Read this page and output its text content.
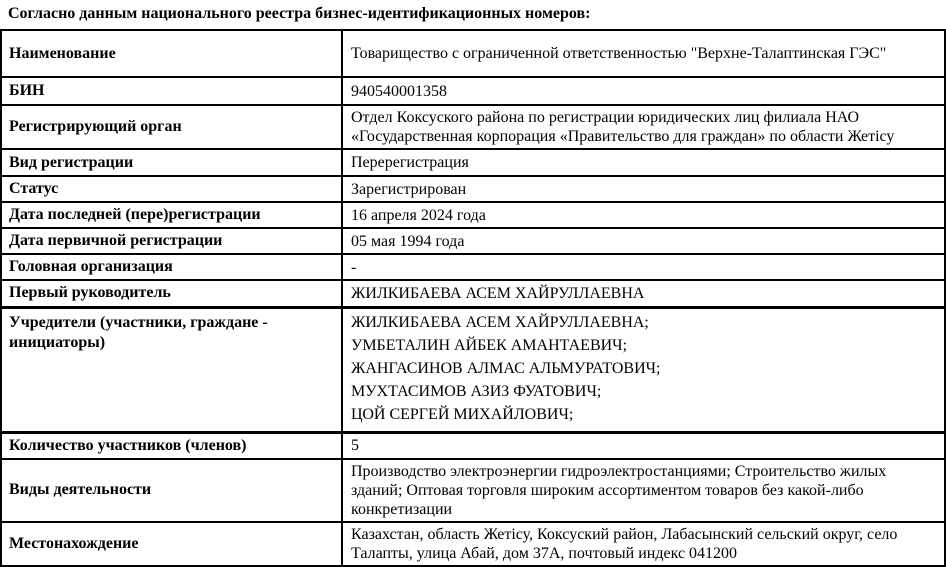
Согласно данным национального реестра бизнес-идентификационных номеров:
Наименование	Товарищество с ограниченной ответственностью "Верхне-Талаптинская ГЭС"
БИН	940540001358
Регистрирующий орган	Отдел Коксуского района по регистрации юридических лиц филиала НАО «Государственная корпорация «Правительство для граждан» по области Жетісу
Вид регистрации	Перерегистрация
Статус	Зарегистрирован
Дата последней (пере)регистрации	16 апреля 2024 года
Дата первичной регистрации	05 мая 1994 года
Головная организация	-
Первый руководитель	ЖИЛКИБАЕВА АСЕМ ХАЙРУЛЛАЕВНА
Учредители (участники, граждане - инициаторы)	ЖИЛКИБАЕВА АСЕМ ХАЙРУЛЛАЕВНА;
УМБЕТАЛИН АЙБЕК АМАНТАЕВИЧ;
ЖАНГАСИНОВ АЛМАС АЛЬМУРАТОВИЧ;
МУХТАСИМОВ АЗИЗ ФУАТОВИЧ;
ЦОЙ СЕРГЕЙ МИХАЙЛОВИЧ;

Количество участников (членов)	5
Виды деятельности	Производство электроэнергии гидроэлектростанциями; Строительство жилых зданий; Оптовая торговля широким ассортиментом товаров без какой-либо конкретизации
Местонахождение	Казахстан, область Жетісу, Коксуский район, Лабасынский сельский округ, село Талапты, улица Абай, дом 37А, почтовый индекс 041200
